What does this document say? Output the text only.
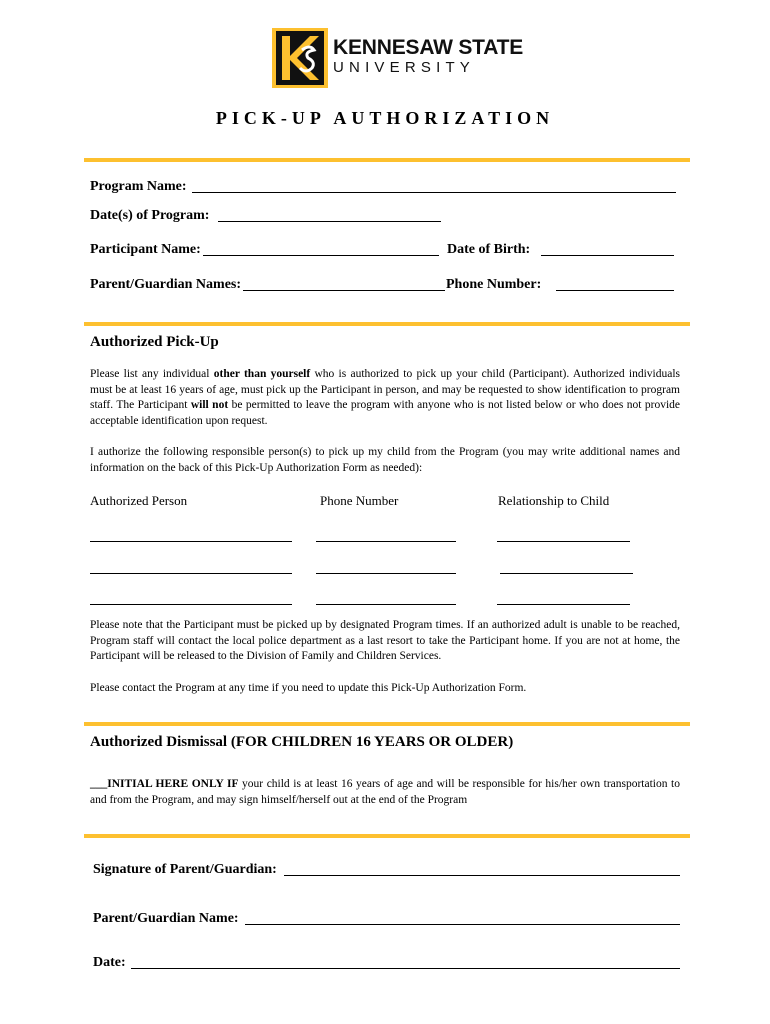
KENNESAW STATE
UNIVERSITY
PICK-UP AUTHORIZATION
Program Name:
Date(s) of Program:
Participant Name:	Date of Birth:
Parent/Guardian Names:	Phone Number:
Authorized Pick-Up
Please list any individual other than yourself who is authorized to pick up your child (Participant). Authorized individuals must be at least 16 years of age, must pick up the Participant in person, and may be requested to show identification to program staff. The Participant will not be permitted to leave the program with anyone who is not listed below or who does not provide acceptable identification upon request.
I authorize the following responsible person(s) to pick up my child from the Program (you may write additional names and information on the back of this Pick-Up Authorization Form as needed):
Authorized Person	Phone Number	Relationship to Child
Please note that the Participant must be picked up by designated Program times. If an authorized adult is unable to be reached, Program staff will contact the local police department as a last resort to take the Participant home. If you are not at home, the Participant will be released to the Division of Family and Children Services.
Please contact the Program at any time if you need to update this Pick-Up Authorization Form.
Authorized Dismissal (FOR CHILDREN 16 YEARS OR OLDER)
___INITIAL HERE ONLY IF your child is at least 16 years of age and will be responsible for his/her own transportation to and from the Program, and may sign himself/herself out at the end of the Program
Signature of Parent/Guardian:
Parent/Guardian Name:
Date:
